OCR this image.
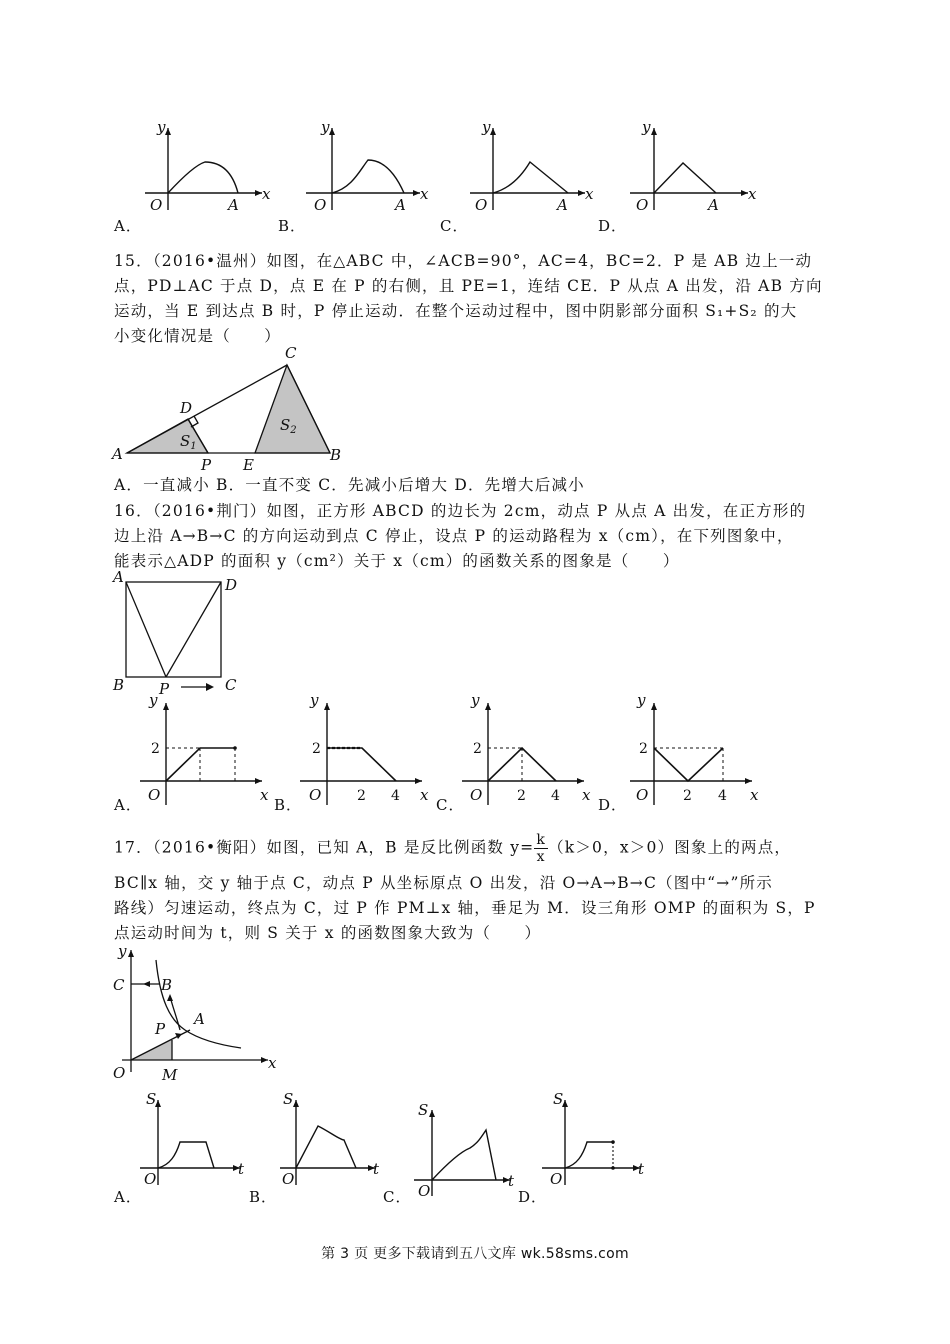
y
x
O	A
y
x
O	A
y
x
O	A
y
x
O	A
A．	B．	C．	D．
15．（2016•温州）如图，在△ABC 中，∠ACB=90°，AC=4，BC=2．P 是 AB 边上一动
点，PD⊥AC 于点 D，点 E 在 P 的右侧，且 PE=1，连结 CE．P 从点 A 出发，沿 AB 方向
运动，当 E 到达点 B 时，P 停止运动．在整个运动过程中，图中阴影部分面积 S₁+S₂ 的大
小变化情况是（　　）
A	B
C
D
P E
$S_1$
$S_2$
A．一直减小 B．一直不变 C．先减小后增大 D．先增大后减小
16．（2016•荆门）如图，正方形 ABCD 的边长为 2cm，动点 P 从点 A 出发，在正方形的
边上沿 A→B→C 的方向运动到点 C 停止，设点 P 的运动路程为 x（cm），在下列图象中，
能表示△ADP 的面积 y（cm²）关于 x（cm）的函数关系的图象是（　　）
A	D
B	C
P
y
x
O
y
x
O
y
x
O
y
x
O
2	2
2 4
2
2 4
2
2 4
A．	B．	C．	D．
17．（2016•衡阳）如图，已知 A，B 是反比例函数 $y= \frac{k}{x} (k>0$，x＞0）图象上的两点，
BC∥x 轴，交 y 轴于点 C，动点 P 从坐标原点 O 出发，沿 O→A→B→C（图中“→”所示
路线）匀速运动，终点为 C，过 P 作 PM⊥x 轴，垂足为 M．设三角形 OMP 的面积为 S，P
点运动时间为 t，则 S 关于 x 的函数图象大致为（　　）
y
x
C B
A
P
O M
S
t
O
S
t
O
S
t
O
S
t
O
A．	B．	C．	D．
第 3 页 更多下载请到五八文库 wk.58sms.com
